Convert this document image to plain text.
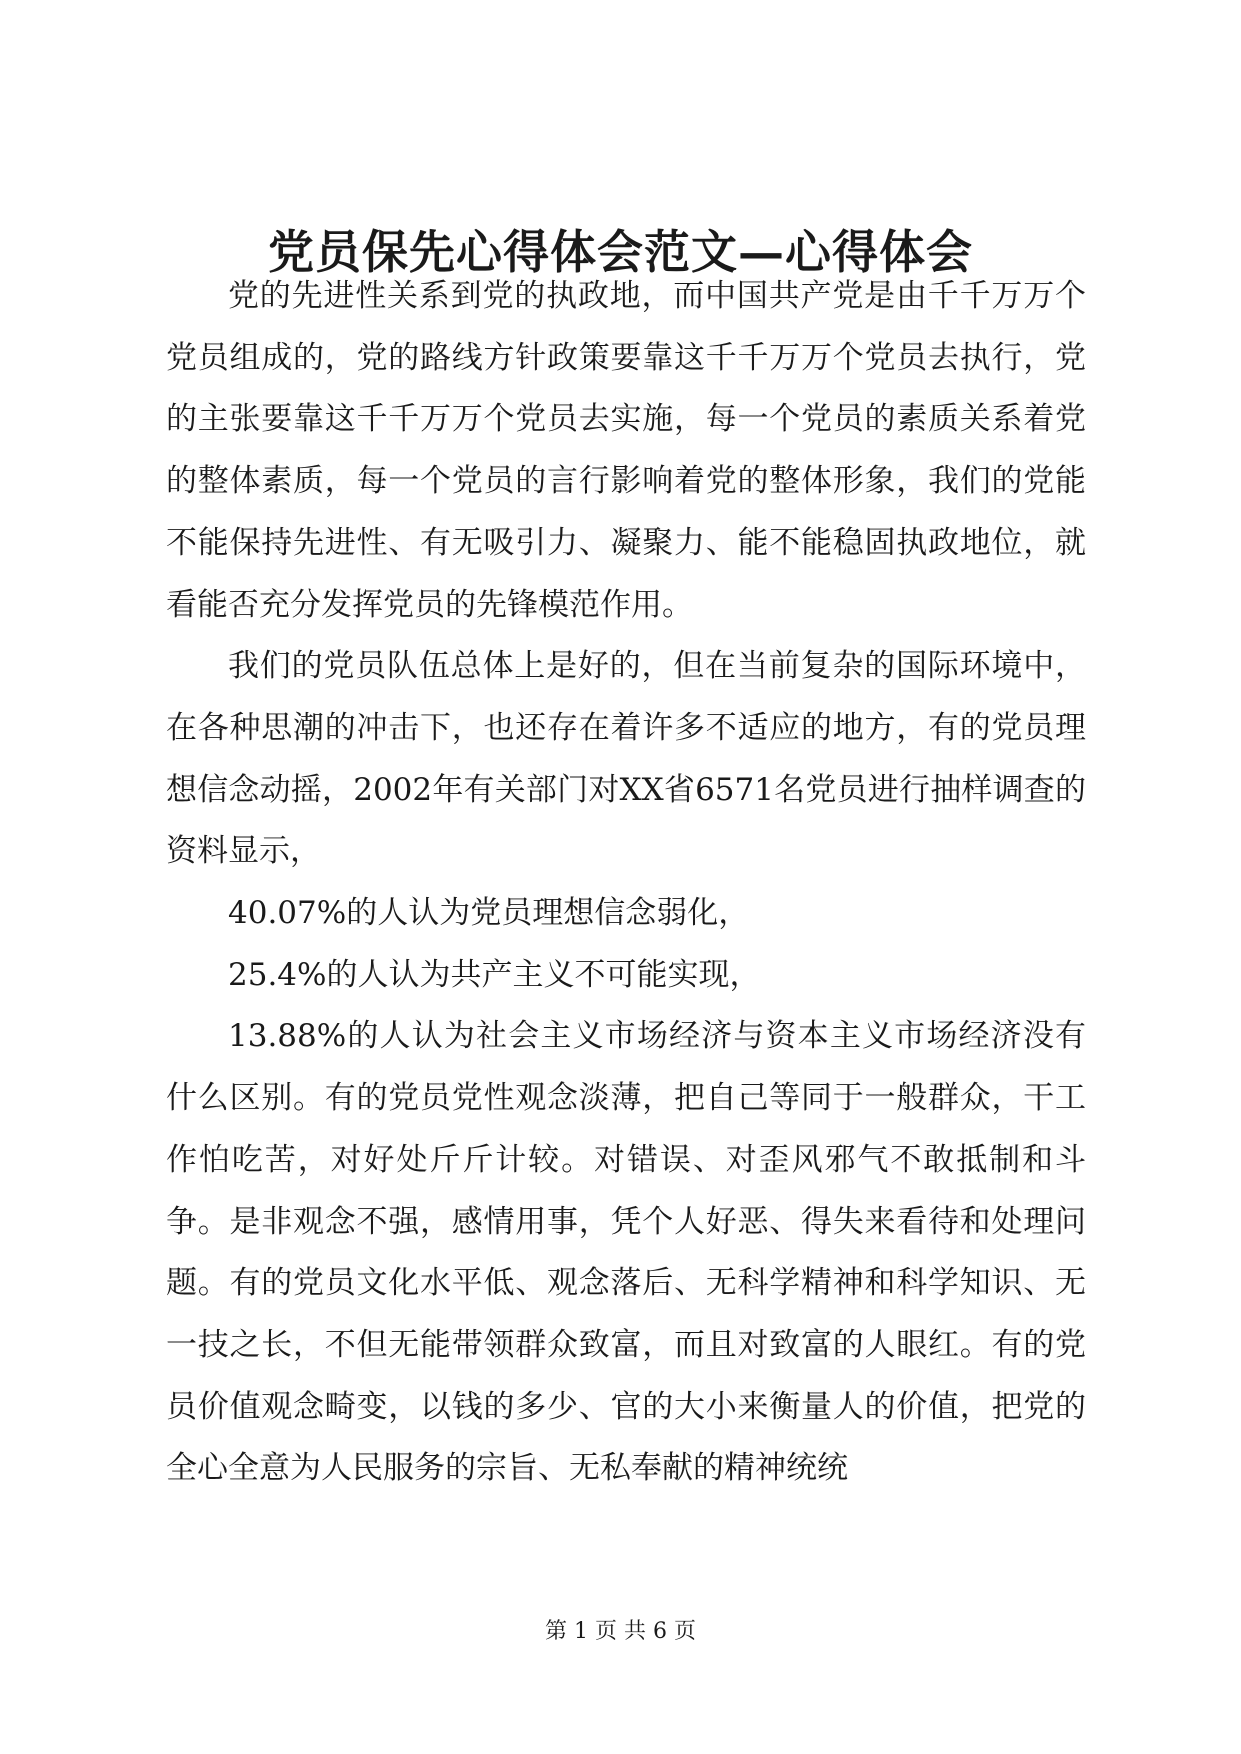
党员保先心得体会范文—心得体会

党的先进性关系到党的执政地，而中国共产党是由千千万万个党员组成的，党的路线方针政策要靠这千千万万个党员去执行，党的主张要靠这千千万万个党员去实施，每一个党员的素质关系着党的整体素质，每一个党员的言行影响着党的整体形象，我们的党能不能保持先进性、有无吸引力、凝聚力、能不能稳固执政地位，就看能否充分发挥党员的先锋模范作用。

我们的党员队伍总体上是好的，但在当前复杂的国际环境中，在各种思潮的冲击下，也还存在着许多不适应的地方，有的党员理想信念动摇，2002年有关部门对XX省6571名党员进行抽样调查的资料显示，

40.07%的人认为党员理想信念弱化，

25.4%的人认为共产主义不可能实现，

13.88%的人认为社会主义市场经济与资本主义市场经济没有什么区别。有的党员党性观念淡薄，把自己等同于一般群众，干工作怕吃苦，对好处斤斤计较。对错误、对歪风邪气不敢抵制和斗争。是非观念不强，感情用事，凭个人好恶、得失来看待和处理问题。有的党员文化水平低、观念落后、无科学精神和科学知识、无一技之长，不但无能带领群众致富，而且对致富的人眼红。有的党员价值观念畸变，以钱的多少、官的大小来衡量人的价值，把党的全心全意为人民服务的宗旨、无私奉献的精神统统

第 1 页 共 6 页
